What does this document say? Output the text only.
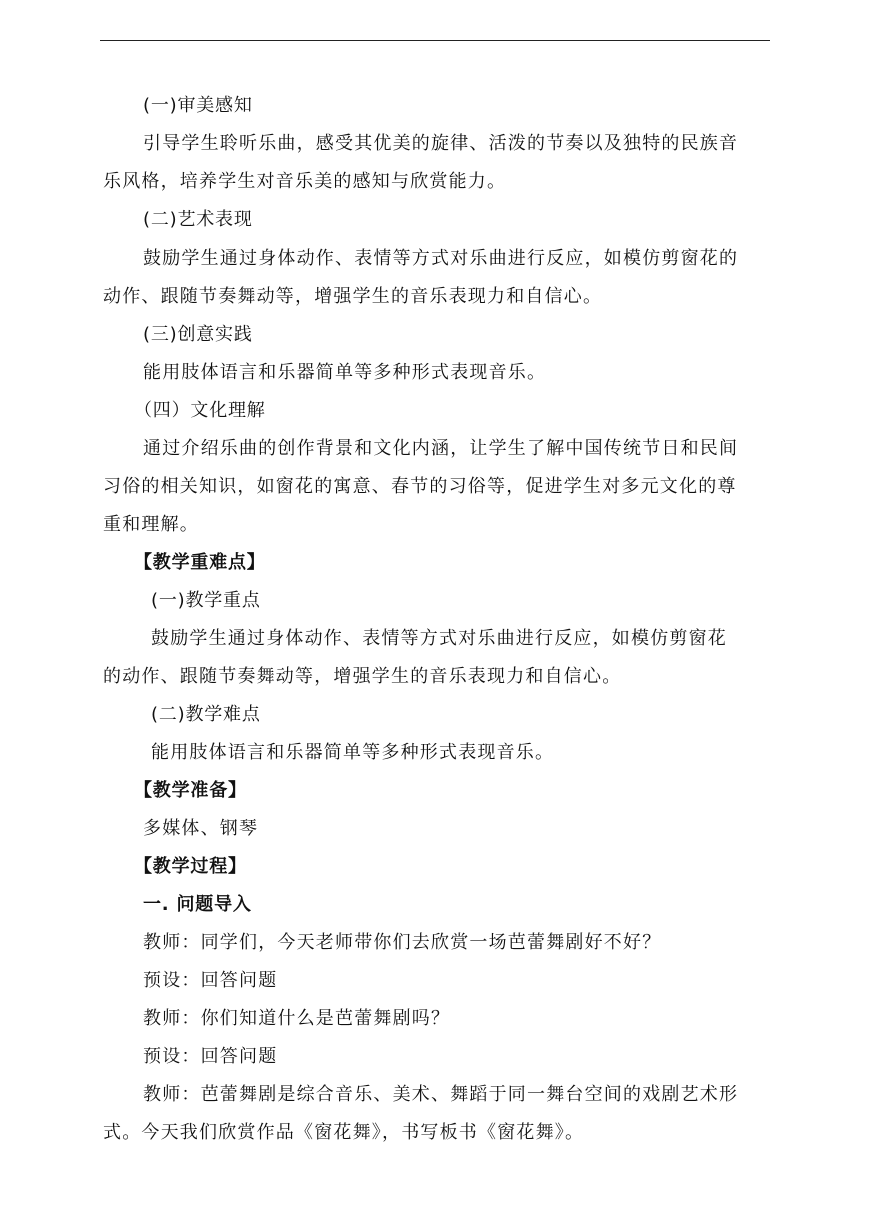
(一)审美感知
引导学生聆听乐曲，感受其优美的旋律、活泼的节奏以及独特的民族音
乐风格，培养学生对音乐美的感知与欣赏能力。
(二)艺术表现
鼓励学生通过身体动作、表情等方式对乐曲进行反应，如模仿剪窗花的
动作、跟随节奏舞动等，增强学生的音乐表现力和自信心。
(三)创意实践
能用肢体语言和乐器简单等多种形式表现音乐。
（四）文化理解
通过介绍乐曲的创作背景和文化内涵，让学生了解中国传统节日和民间
习俗的相关知识，如窗花的寓意、春节的习俗等，促进学生对多元文化的尊
重和理解。
【教学重难点】
(一)教学重点
鼓励学生通过身体动作、表情等方式对乐曲进行反应，如模仿剪窗花
的动作、跟随节奏舞动等，增强学生的音乐表现力和自信心。
(二)教学难点
能用肢体语言和乐器简单等多种形式表现音乐。
【教学准备】
多媒体、钢琴
【教学过程】
一. 问题导入
教师：同学们，今天老师带你们去欣赏一场芭蕾舞剧好不好？
预设：回答问题
教师：你们知道什么是芭蕾舞剧吗？
预设：回答问题
教师：芭蕾舞剧是综合音乐、美术、舞蹈于同一舞台空间的戏剧艺术形
式。今天我们欣赏作品《窗花舞》，书写板书《窗花舞》。
